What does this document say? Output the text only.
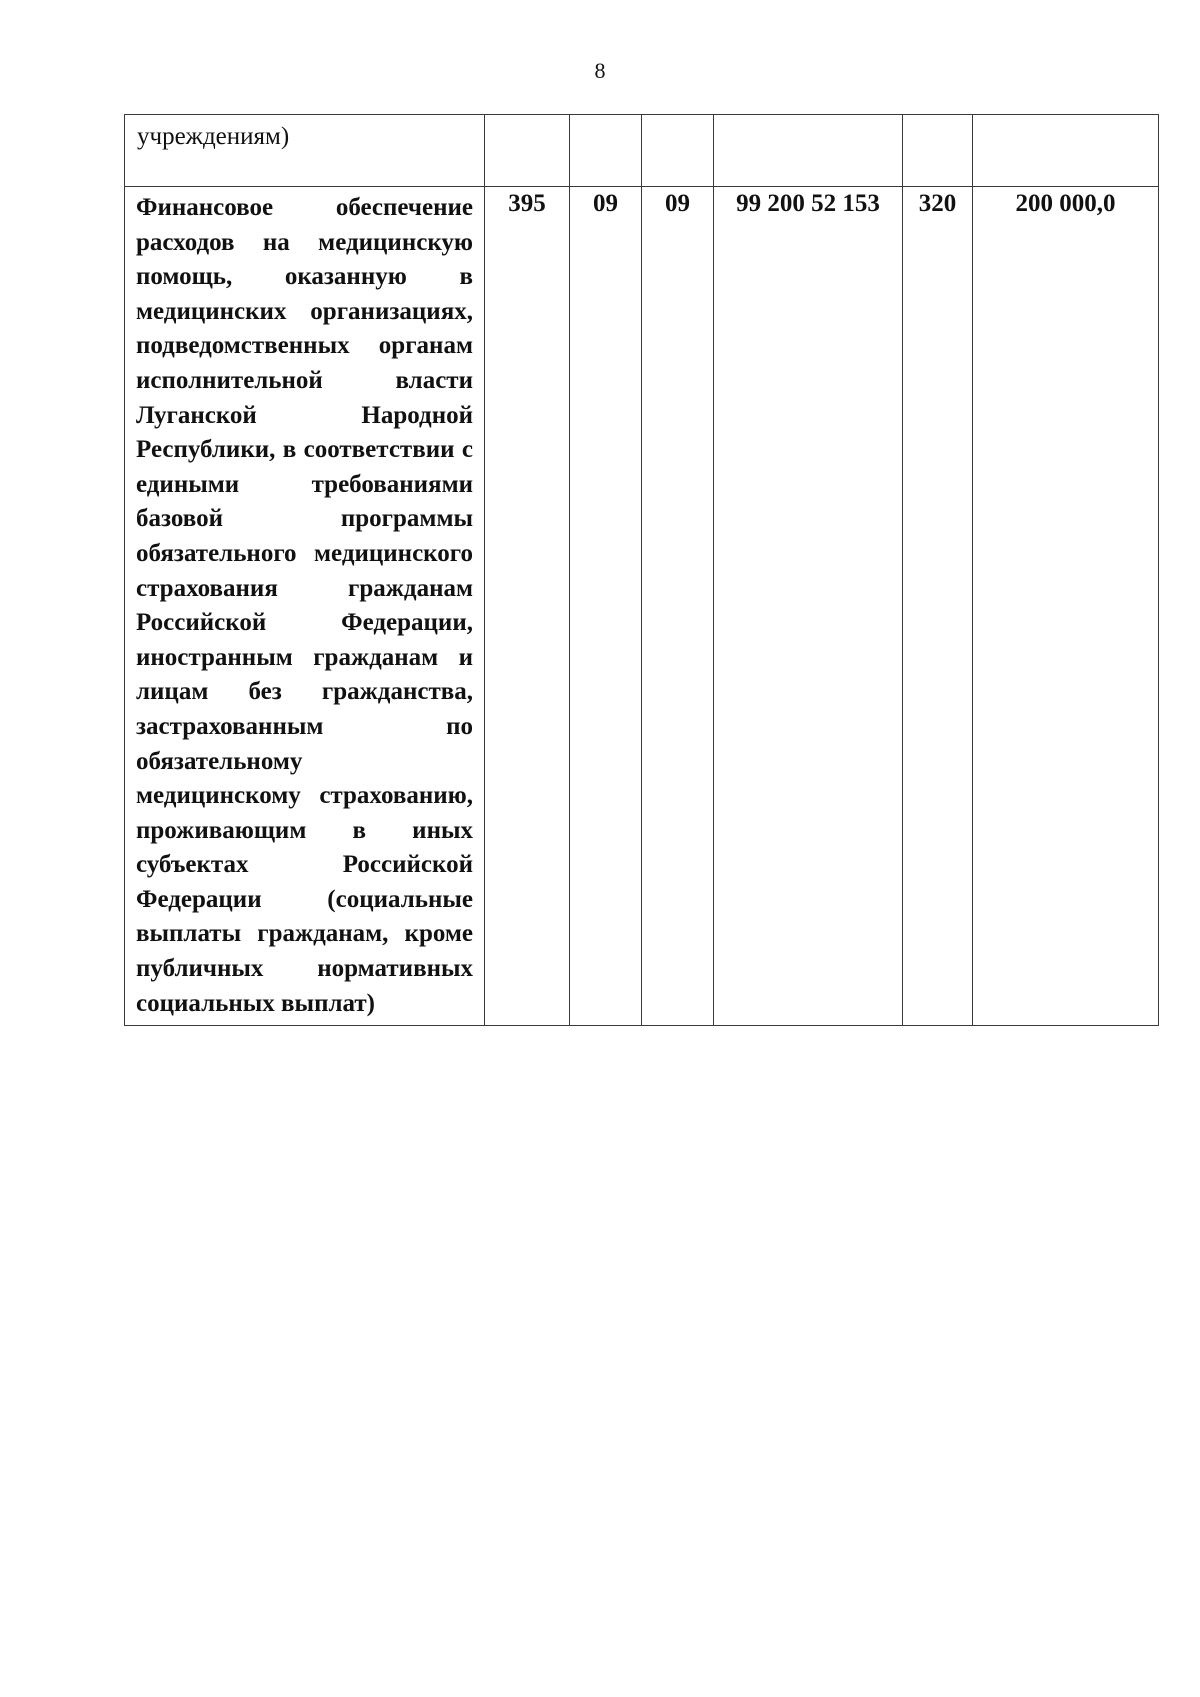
8
учреждениям)						

Финансовое обеспечение расходов на медицинскую помощь, оказанную в медицинских организациях, подведомственных органам исполнительной власти Луганской Народной Республики, в соответствии с едиными требованиями базовой программы обязательного медицинского страхования гражданам Российской Федерации, иностранным гражданам и лицам без гражданства, застрахованным по обязательному медицинскому страхованию, проживающим в иных субъектах Российской Федерации (социальные выплаты гражданам, кроме публичных нормативных социальных выплат)	395	09	09	99 200 52 153	320	200 000,0
